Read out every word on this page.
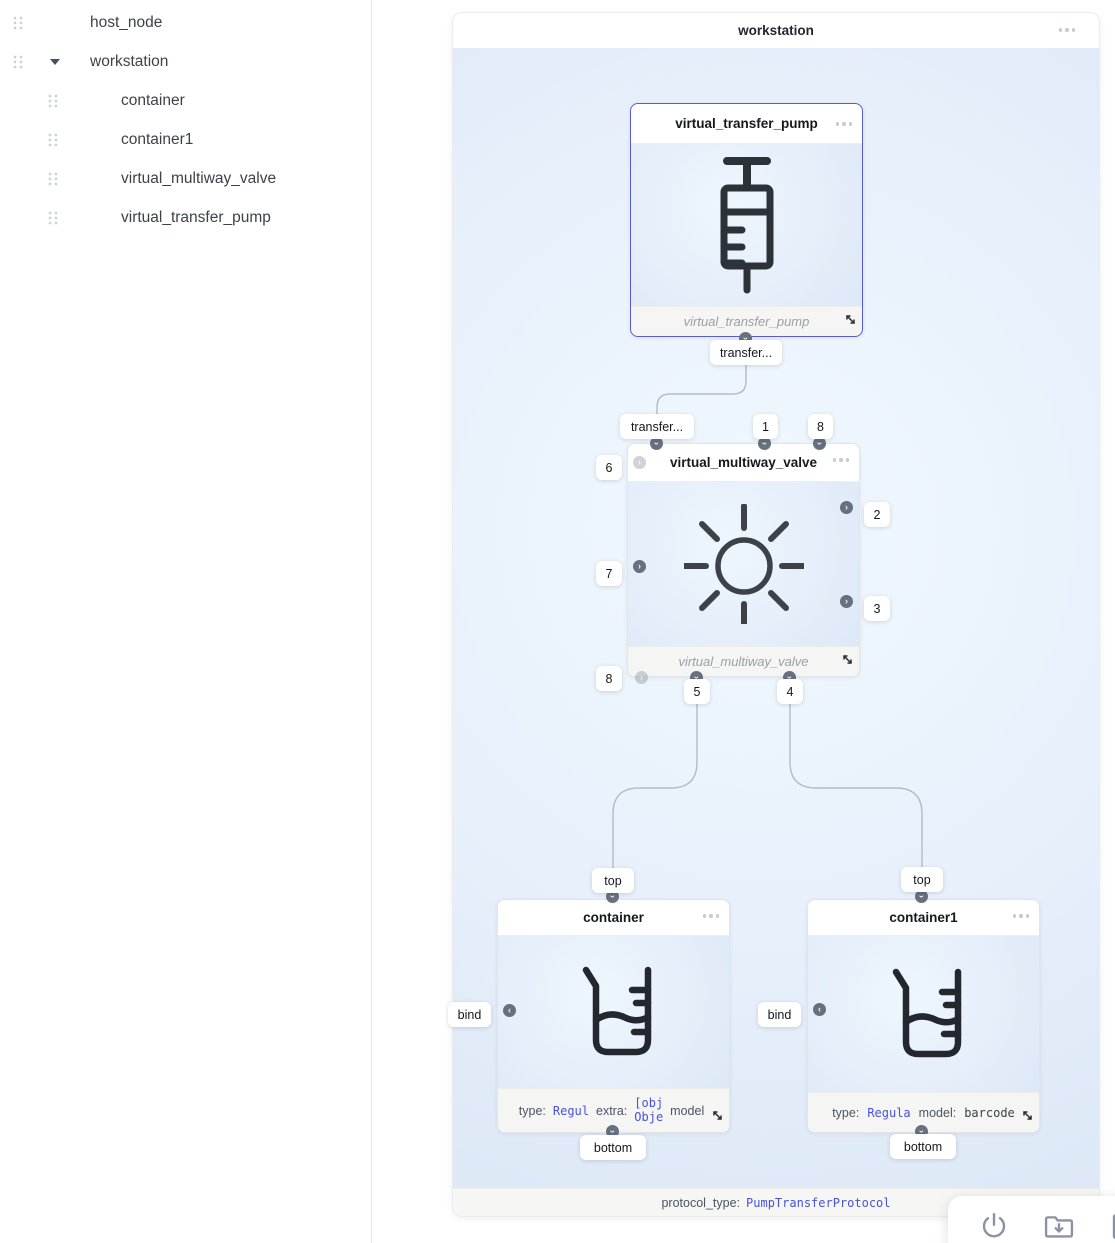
host_node
workstation
container
container1
virtual_multiway_valve
virtual_transfer_pump
workstation
protocol_type: PumpTransferProtocol
virtual_transfer_pump
virtual_transfer_pump
›
transfer...
transfer...	1	8
›
›
›
virtual_multiway_valve
virtual_multiway_valve
›
6
›
7
›
8
›
2
›
3
›
5
›	4
top
›
container
type: Regul extra:
[obj
Obje model
‹
bind
›
bottom
top
›
container1
type: Regula model: barcode
‹
bind
›
bottom
